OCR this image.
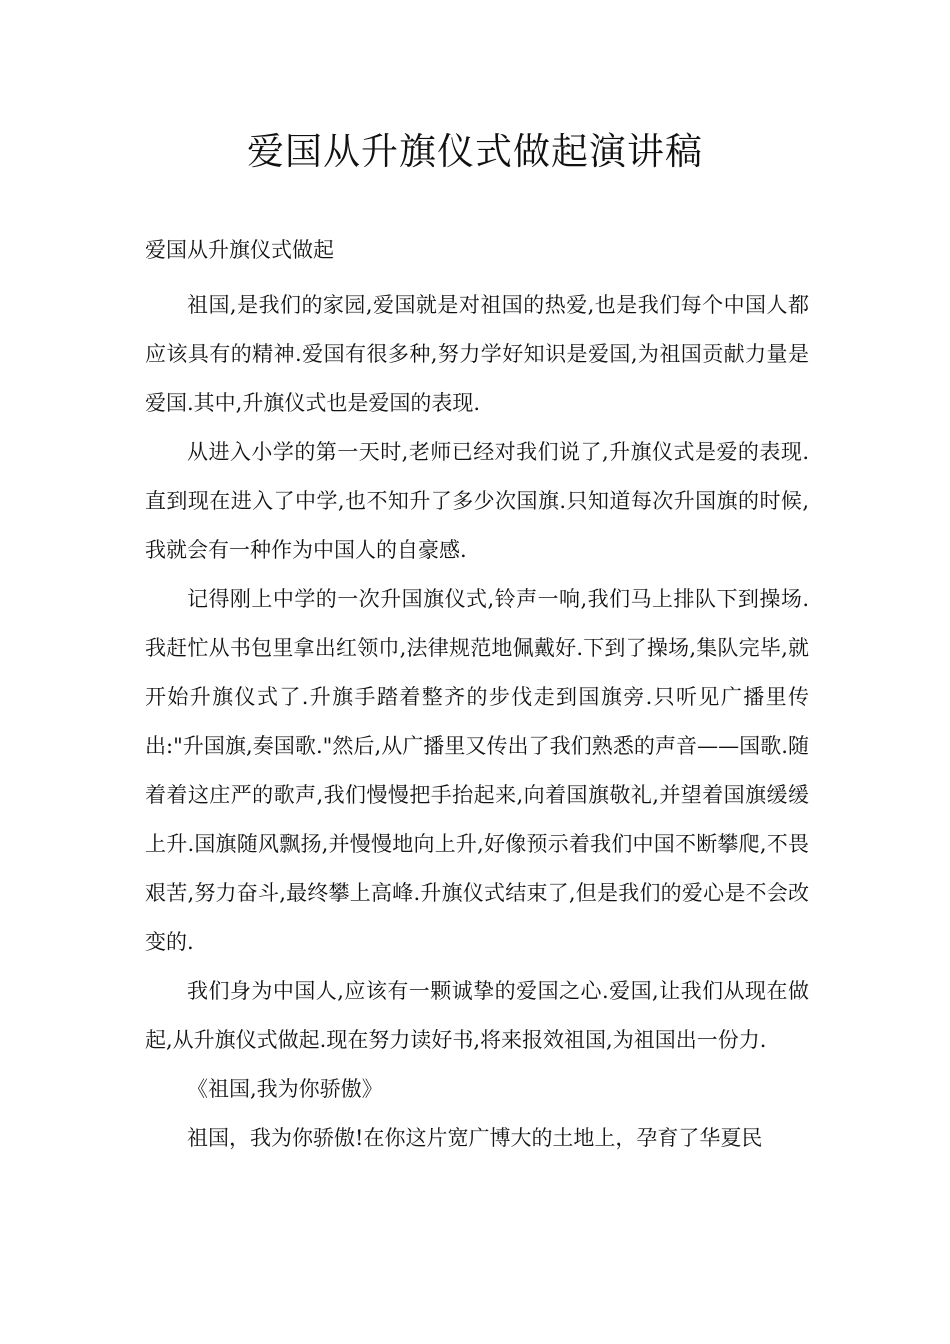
爱国从升旗仪式做起演讲稿

爱国从升旗仪式做起

祖国,是我们的家园,爱国就是对祖国的热爱,也是我们每个中国人都应该具有的精神.爱国有很多种,努力学好知识是爱国,为祖国贡献力量是爱国.其中,升旗仪式也是爱国的表现.

从进入小学的第一天时,老师已经对我们说了,升旗仪式是爱的表现.直到现在进入了中学,也不知升了多少次国旗.只知道每次升国旗的时候,我就会有一种作为中国人的自豪感.

记得刚上中学的一次升国旗仪式,铃声一响,我们马上排队下到操场.我赶忙从书包里拿出红领巾,法律规范地佩戴好.下到了操场,集队完毕,就开始升旗仪式了.升旗手踏着整齐的步伐走到国旗旁.只听见广播里传出:"升国旗,奏国歌."然后,从广播里又传出了我们熟悉的声音——国歌.随着着这庄严的歌声,我们慢慢把手抬起来,向着国旗敬礼,并望着国旗缓缓上升.国旗随风飘扬,并慢慢地向上升,好像预示着我们中国不断攀爬,不畏艰苦,努力奋斗,最终攀上高峰.升旗仪式结束了,但是我们的爱心是不会改变的.

我们身为中国人,应该有一颗诚挚的爱国之心.爱国,让我们从现在做起,从升旗仪式做起.现在努力读好书,将来报效祖国,为祖国出一份力.

《祖国,我为你骄傲》

祖国，我为你骄傲!在你这片宽广博大的土地上，孕育了华夏民
